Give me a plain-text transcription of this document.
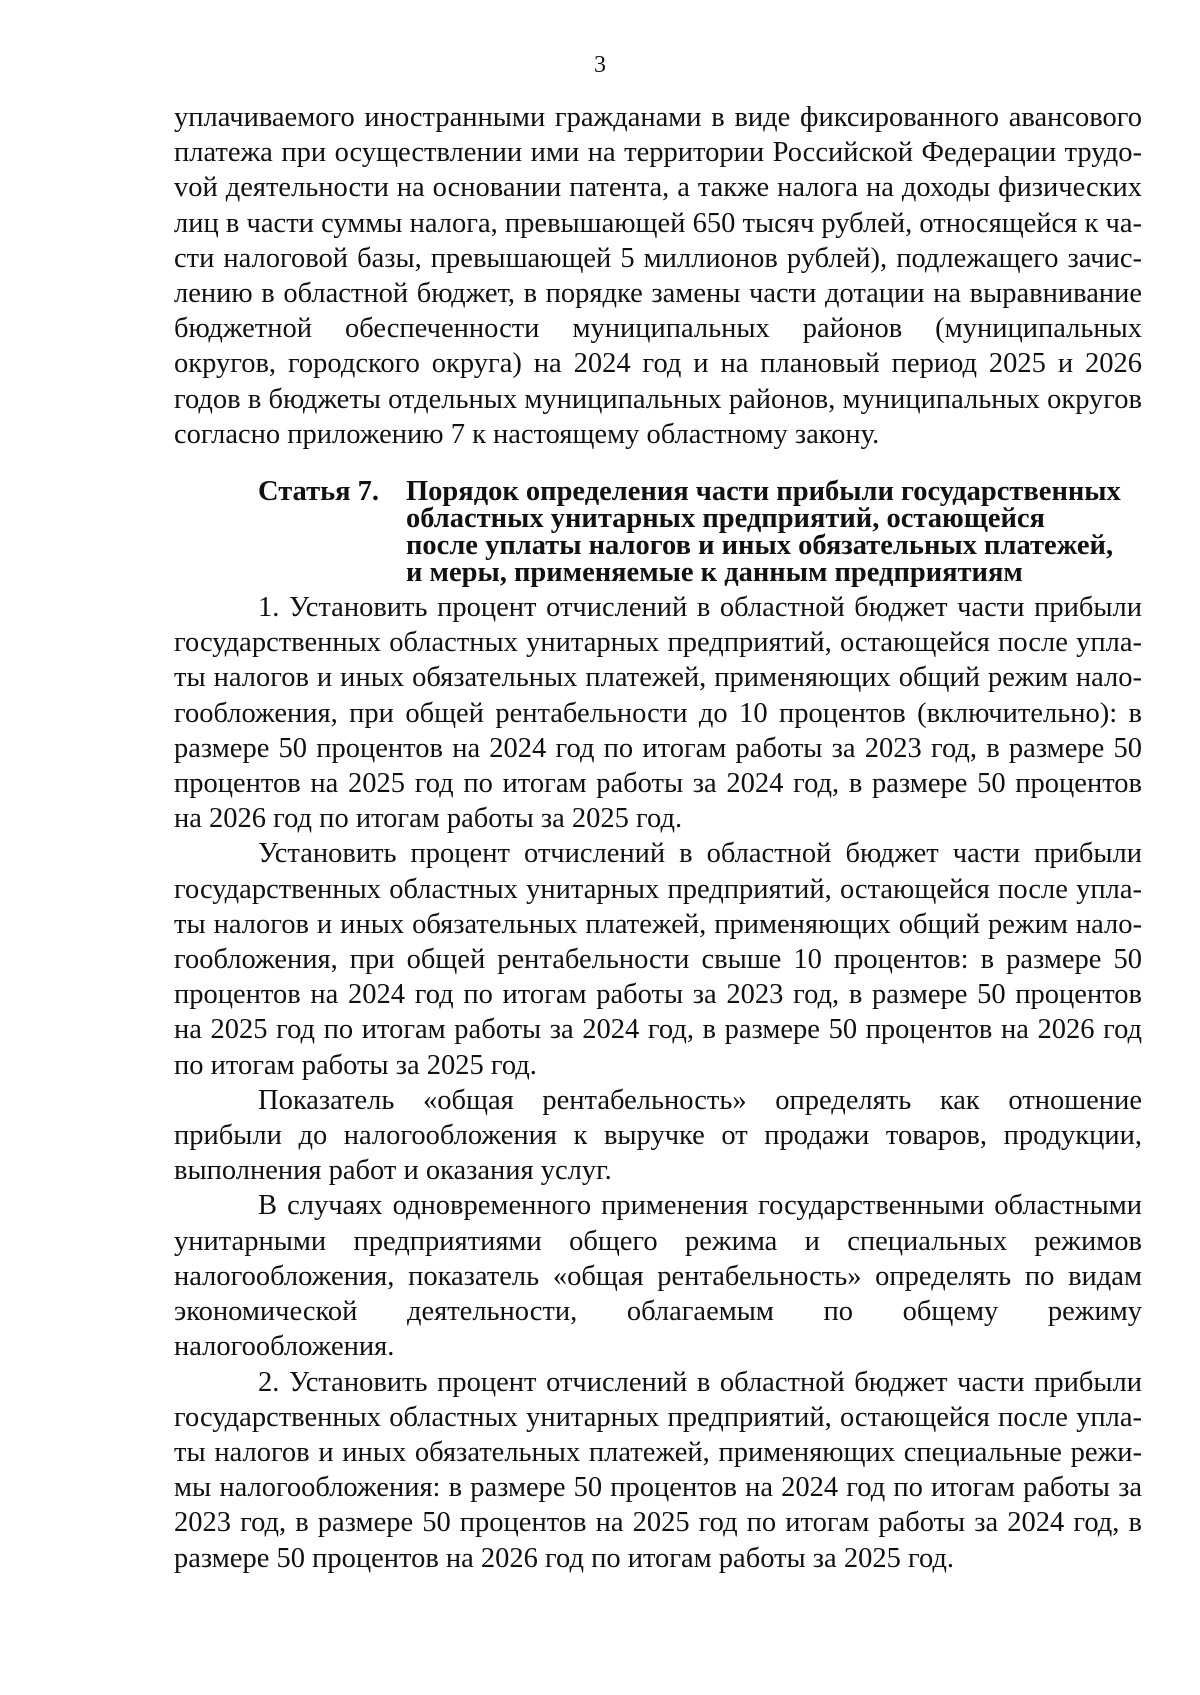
3

уплачиваемого иностранными гражданами в виде фиксированного авансового платежа при осуществлении ими на территории Российской Федерации трудоvой деятельности на основании патента, а также налога на доходы физических лиц в части суммы налога, превышающей 650 тысяч рублей, относящейся к части налоговой базы, превышающей 5 миллионов рублей), подлежащего зачислению в областной бюджет, в порядке замены части дотации на выравнивание бюджетной обеспеченности муниципальных районов (муниципальных округов, городского округа) на 2024 год и на плановый период 2025 и 2026 годов в бюджеты отдельных муниципальных районов, муниципальных округов согласно приложению 7 к настоящему областному закону.

Статья 7. Порядок определения части прибыли государственных областных унитарных предприятий, остающейся после уплаты налогов и иных обязательных платежей, и меры, применяемые к данным предприятиям

1. Установить процент отчислений в областной бюджет части прибыли государственных областных унитарных предприятий, остающейся после уплаты налогов и иных обязательных платежей, применяющих общий режим налогообложения, при общей рентабельности до 10 процентов (включительно): в размере 50 процентов на 2024 год по итогам работы за 2023 год, в размере 50 процентов на 2025 год по итогам работы за 2024 год, в размере 50 процентов на 2026 год по итогам работы за 2025 год.

Установить процент отчислений в областной бюджет части прибыли государственных областных унитарных предприятий, остающейся после уплаты налогов и иных обязательных платежей, применяющих общий режим налогообложения, при общей рентабельности свыше 10 процентов: в размере 50 процентов на 2024 год по итогам работы за 2023 год, в размере 50 процентов на 2025 год по итогам работы за 2024 год, в размере 50 процентов на 2026 год по итогам работы за 2025 год.

Показатель «общая рентабельность» определять как отношение прибыли до налогообложения к выручке от продажи товаров, продукции, выполнения работ и оказания услуг.

В случаях одновременного применения государственными областными унитарными предприятиями общего режима и специальных режимов налогообложения, показатель «общая рентабельность» определять по видам экономической деятельности, облагаемым по общему режиму налогообложения.

2. Установить процент отчислений в областной бюджет части прибыли государственных областных унитарных предприятий, остающейся после уплаты налогов и иных обязательных платежей, применяющих специальные режимы налогообложения: в размере 50 процентов на 2024 год по итогам работы за 2023 год, в размере 50 процентов на 2025 год по итогам работы за 2024 год, в размере 50 процентов на 2026 год по итогам работы за 2025 год.
